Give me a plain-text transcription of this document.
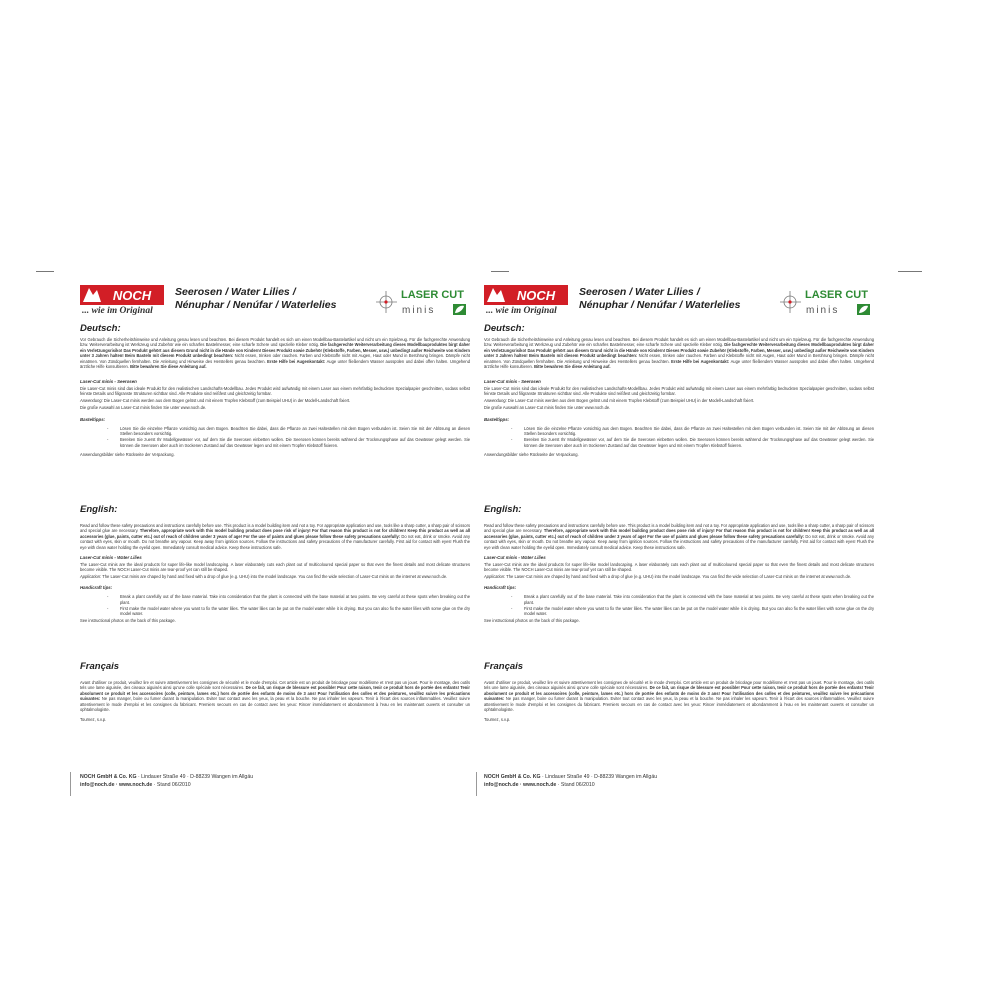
NOCH
... wie im Original
Seerosen / Water Lilies /
Nénuphar / Nenúfar / Waterlelies
LASER CUT
minis
Deutsch:
Vor Gebrauch die Sicherheitshinweise und Anleitung genau lesen und beachten. Bei diesem Produkt handelt es sich um einen Modellbau-Bastelartikel und nicht um ein Spielzeug. Für die fachgerechte Anwendung bzw. Weiterverarbeitung ist Werkzeug und Zubehör wie ein scharfes Bastelmesser, eine scharfe Schere und spezielle Kleber nötig. Die fachgerechte Weiterverarbeitung dieses Modellbauproduktes birgt daher ein Verletzungsrisiko! Das Produkt gehört aus diesem Grund nicht in die Hände von Kindern! Dieses Produkt sowie Zubehör (Klebstoffe, Farben, Messer, usw.) unbedingt außer Reichweite von Kindern unter 3 Jahren halten! Beim Basteln mit diesem Produkt unbedingt beachten: Nicht essen, trinken oder rauchen. Farben und Klebstoffe nicht mit Augen, Haut oder Mund in Berührung bringen. Dämpfe nicht einatmen. Von Zündquellen fernhalten. Die Anleitung und Hinweise des Herstellers genau beachten. Erste Hilfe bei Augenkontakt: Auge unter fließendem Wasser ausspülen und dabei offen halten. Umgehend ärztliche Hilfe konsultieren. Bitte bewahren Sie diese Anleitung auf.
Laser-Cut minis - Seerosen
Die Laser-Cut minis sind das ideale Produkt für den realistischen Landschafts-Modellbau. Jedes Produkt wird aufwändig mit einem Laser aus einem mehrfarbig bedruckten Spezialpapier geschnitten, sodass selbst feinste Details und filigranste Strukturen sichtbar sind. Alle Produkte sind reißfest und gleichzeitig formbar.
Anwendung: Die Laser-Cut minis werden aus dem Bogen gelöst und mit einem Tropfen Klebstoff (zum Beispiel UHU) in der Modell-Landschaft fixiert.
Die große Auswahl an Laser-Cut minis finden Sie unter www.noch.de.
Basteltipps:
-	Lösen Sie die einzelne Pflanze vorsichtig aus dem Bogen. Beachten Sie dabei, dass die Pflanze an zwei Haltestellen mit dem Bogen verbunden ist. Seien Sie mit der Ablösung an diesen Stellen besonders vorsichtig.
-	Bereiten Sie zuerst Ihr Modellgewässer vor, auf dem Sie die Seerosen einbetten wollen. Die Seerosen können bereits während der Trocknungsphase auf das Gewässer gelegt werden. Sie können die Seerosen aber auch im trockenen Zustand auf das Gewässer legen und mit einem Tropfen Klebstoff fixieren.
Anwendungsbilder siehe Rückseite der Verpackung.
English:
Read and follow these safety precautions and instructions carefully before use. This product is a model building item and not a toy. For appropriate application and use, tools like a sharp cutter, a sharp pair of scissors and special glue are necessary. Therefore, appropriate work with this model building product does pose risk of injury! For that reason this product is not for children! Keep this product as well as all accessories (glue, paints, cutter etc.) out of reach of children under 3 years of age! For the use of paints and glues please follow these safety precautions carefully: Do not eat, drink or smoke. Avoid any contact with eyes, skin or mouth. Do not breathe any vapour. Keep away from ignition sources. Follow the instructions and safety precautions of the manufacturer carefully. First aid for contact with eyes! Flush the eye with clean water holding the eyelid open. Immediately consult medical advice. Keep these instructions safe.
Laser-Cut minis - Water Lilies
The Laser-Cut minis are the ideal products for super life-like model landscaping. A laser elaborately cuts each plant out of multicoloured special paper so that even the finest details and most delicate structures become visible. The NOCH Laser-Cut minis are tear-proof yet can still be shaped.
Application: The Laser-Cut minis are chaped by hand and fixed with a drop of glue (e.g. UHU) into the model landscape. You can find the wide selection of Laser-Cut minis on the internet at www.noch.de.
Handicraft tips:
-	Break a plant carefully out of the base material. Take into consideration that the plant is connected with the base material at two points. Be very careful at these spots when breaking out the plant.
-	First make the model water where you want to fix the water lilies. The water lilies can be put on the model water while it is drying. But you can also fix the water lilies with some glue on the dry model water.
See instructional photos on the back of this package.
Français
Avant d'utiliser ce produit, veuillez lire et suivre attentivement les consignes de sécurité et le mode d'emploi. Cet article est un produit de bricolage pour modélisme et n'est pas un jouet. Pour le montage, des outils tels une lame aiguisée, des ciseaux aiguisés ainsi qu'une colle spéciale sont nécessaires. De ce fait, un risque de blessure est possible! Pour cette raison, tenir ce produit hors de portée des enfants! Tenir absolument ce produit et les accessoires (colle, peinture, lames etc.) hors de portée des enfants de moins de 3 ans! Pour l'utilisation des colles et des peintures, veuillez suivre les précautions suivantes: Ne pas manger, boire ou fumer durant la manipulation. Eviter tout contact avec les yeux, la peau et la bouche. Ne pas inhaler les vapeurs. Tenir à l'écart des sources inflammables. Veuillez suivre attentivement le mode d'emploi et les consignes du fabricant. Premiers secours en cas de contact avec les yeux: Rincer immédiatement et abondamment à l'eau en les maintenant ouverts et consulter un ophtalmologiste.
Tournez, s.v.p.
NOCH GmbH & Co. KG · Lindauer Straße 49 · D-88239 Wangen im Allgäu
info@noch.de · www.noch.de · Stand 06/2010
NOCH
... wie im Original
Seerosen / Water Lilies /
Nénuphar / Nenúfar / Waterlelies
LASER CUT
minis
Deutsch:
Vor Gebrauch die Sicherheitshinweise und Anleitung genau lesen und beachten. Bei diesem Produkt handelt es sich um einen Modellbau-Bastelartikel und nicht um ein Spielzeug. Für die fachgerechte Anwendung bzw. Weiterverarbeitung ist Werkzeug und Zubehör wie ein scharfes Bastelmesser, eine scharfe Schere und spezielle Kleber nötig. Die fachgerechte Weiterverarbeitung dieses Modellbauproduktes birgt daher ein Verletzungsrisiko! Das Produkt gehört aus diesem Grund nicht in die Hände von Kindern! Dieses Produkt sowie Zubehör (Klebstoffe, Farben, Messer, usw.) unbedingt außer Reichweite von Kindern unter 3 Jahren halten! Beim Basteln mit diesem Produkt unbedingt beachten: Nicht essen, trinken oder rauchen. Farben und Klebstoffe nicht mit Augen, Haut oder Mund in Berührung bringen. Dämpfe nicht einatmen. Von Zündquellen fernhalten. Die Anleitung und Hinweise des Herstellers genau beachten. Erste Hilfe bei Augenkontakt: Auge unter fließendem Wasser ausspülen und dabei offen halten. Umgehend ärztliche Hilfe konsultieren. Bitte bewahren Sie diese Anleitung auf.
Laser-Cut minis - Seerosen
Die Laser-Cut minis sind das ideale Produkt für den realistischen Landschafts-Modellbau. Jedes Produkt wird aufwändig mit einem Laser aus einem mehrfarbig bedruckten Spezialpapier geschnitten, sodass selbst feinste Details und filigranste Strukturen sichtbar sind. Alle Produkte sind reißfest und gleichzeitig formbar.
Anwendung: Die Laser-Cut minis werden aus dem Bogen gelöst und mit einem Tropfen Klebstoff (zum Beispiel UHU) in der Modell-Landschaft fixiert.
Die große Auswahl an Laser-Cut minis finden Sie unter www.noch.de.
Basteltipps:
-	Lösen Sie die einzelne Pflanze vorsichtig aus dem Bogen. Beachten Sie dabei, dass die Pflanze an zwei Haltestellen mit dem Bogen verbunden ist. Seien Sie mit der Ablösung an diesen Stellen besonders vorsichtig.
-	Bereiten Sie zuerst Ihr Modellgewässer vor, auf dem Sie die Seerosen einbetten wollen. Die Seerosen können bereits während der Trocknungsphase auf das Gewässer gelegt werden. Sie können die Seerosen aber auch im trockenen Zustand auf das Gewässer legen und mit einem Tropfen Klebstoff fixieren.
Anwendungsbilder siehe Rückseite der Verpackung.
English:
Read and follow these safety precautions and instructions carefully before use. This product is a model building item and not a toy. For appropriate application and use, tools like a sharp cutter, a sharp pair of scissors and special glue are necessary. Therefore, appropriate work with this model building product does pose risk of injury! For that reason this product is not for children! Keep this product as well as all accessories (glue, paints, cutter etc.) out of reach of children under 3 years of age! For the use of paints and glues please follow these safety precautions carefully: Do not eat, drink or smoke. Avoid any contact with eyes, skin or mouth. Do not breathe any vapour. Keep away from ignition sources. Follow the instructions and safety precautions of the manufacturer carefully. First aid for contact with eyes! Flush the eye with clean water holding the eyelid open. Immediately consult medical advice. Keep these instructions safe.
Laser-Cut minis - Water Lilies
The Laser-Cut minis are the ideal products for super life-like model landscaping. A laser elaborately cuts each plant out of multicoloured special paper so that even the finest details and most delicate structures become visible. The NOCH Laser-Cut minis are tear-proof yet can still be shaped.
Application: The Laser-Cut minis are chaped by hand and fixed with a drop of glue (e.g. UHU) into the model landscape. You can find the wide selection of Laser-Cut minis on the internet at www.noch.de.
Handicraft tips:
-	Break a plant carefully out of the base material. Take into consideration that the plant is connected with the base material at two points. Be very careful at these spots when breaking out the plant.
-	First make the model water where you want to fix the water lilies. The water lilies can be put on the model water while it is drying. But you can also fix the water lilies with some glue on the dry model water.
See instructional photos on the back of this package.
Français
Avant d'utiliser ce produit, veuillez lire et suivre attentivement les consignes de sécurité et le mode d'emploi. Cet article est un produit de bricolage pour modélisme et n'est pas un jouet. Pour le montage, des outils tels une lame aiguisée, des ciseaux aiguisés ainsi qu'une colle spéciale sont nécessaires. De ce fait, un risque de blessure est possible! Pour cette raison, tenir ce produit hors de portée des enfants! Tenir absolument ce produit et les accessoires (colle, peinture, lames etc.) hors de portée des enfants de moins de 3 ans! Pour l'utilisation des colles et des peintures, veuillez suivre les précautions suivantes: Ne pas manger, boire ou fumer durant la manipulation. Eviter tout contact avec les yeux, la peau et la bouche. Ne pas inhaler les vapeurs. Tenir à l'écart des sources inflammables. Veuillez suivre attentivement le mode d'emploi et les consignes du fabricant. Premiers secours en cas de contact avec les yeux: Rincer immédiatement et abondamment à l'eau en les maintenant ouverts et consulter un ophtalmologiste.
Tournez, s.v.p.
NOCH GmbH & Co. KG · Lindauer Straße 49 · D-88239 Wangen im Allgäu
info@noch.de · www.noch.de · Stand 06/2010
